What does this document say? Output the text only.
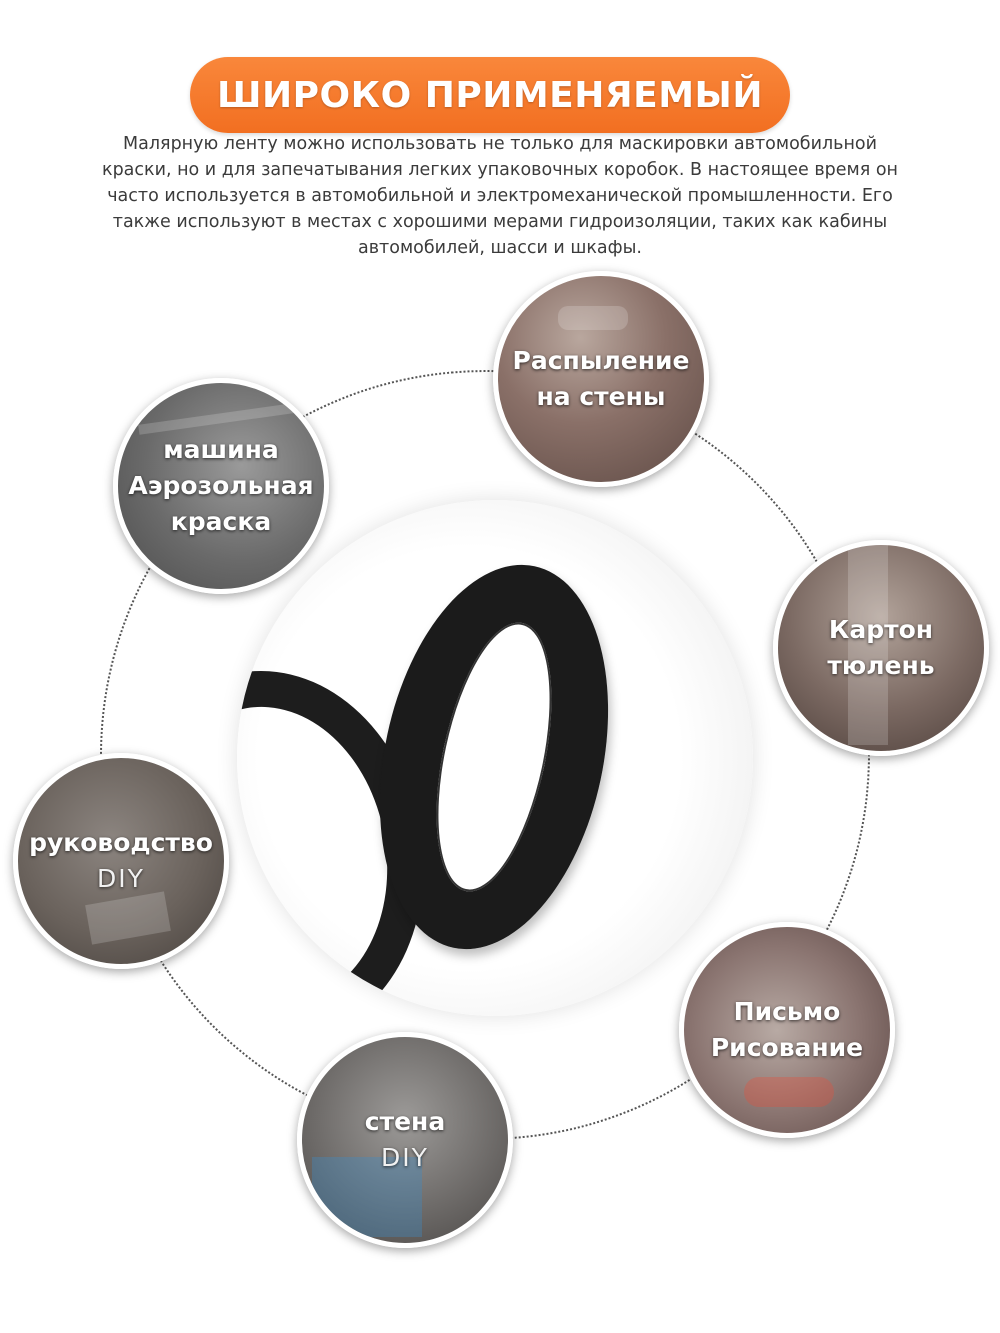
ШИРОКО ПРИМЕНЯЕМЫЙ
Малярную ленту можно использовать не только для маскировки автомобильной
краски, но и для запечатывания легких упаковочных коробок. В настоящее время он
часто используется в автомобильной и электромеханической промышленности. Его
также используют в местах с хорошими мерами гидроизоляции, таких как кабины
автомобилей, шасси и шкафы.
Распыление
на стены
машина
Аэрозольная
краска
Картон
тюлень
руководство
DIY
Письмо
Рисование
стена
DIY
